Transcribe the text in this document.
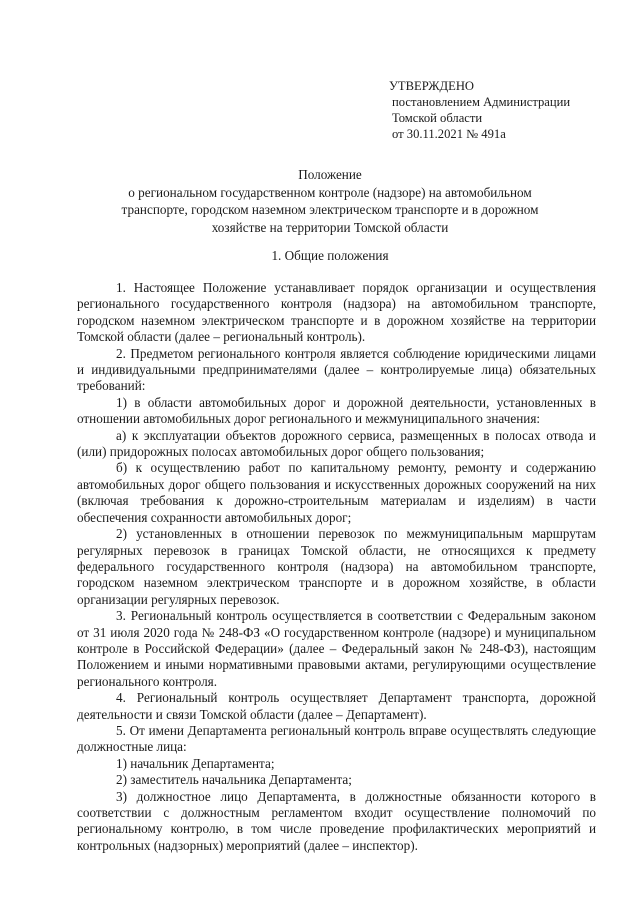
УТВЕРЖДЕНО
постановлением Администрации
Томской области
от 30.11.2021 № 491а
Положение
о региональном государственном контроле (надзоре) на автомобильном
транспорте, городском наземном электрическом транспорте и в дорожном
хозяйстве на территории Томской области
1. Общие положения

1. Настоящее Положение устанавливает порядок организации и осуществления регионального государственного контроля (надзора) на автомобильном транспорте, городском наземном электрическом транспорте и в дорожном хозяйстве на территории Томской области (далее – региональный контроль).

2. Предметом регионального контроля является соблюдение юридическими лицами и индивидуальными предпринимателями (далее – контролируемые лица) обязательных требований:

1) в области автомобильных дорог и дорожной деятельности, установленных в отношении автомобильных дорог регионального и межмуниципального значения:

а) к эксплуатации объектов дорожного сервиса, размещенных в полосах отвода и (или) придорожных полосах автомобильных дорог общего пользования;

б) к осуществлению работ по капитальному ремонту, ремонту и содержанию автомобильных дорог общего пользования и искусственных дорожных сооружений на них (включая требования к дорожно-строительным материалам и изделиям) в части обеспечения сохранности автомобильных дорог;

2) установленных в отношении перевозок по межмуниципальным маршрутам регулярных перевозок в границах Томской области, не относящихся к предмету федерального государственного контроля (надзора) на автомобильном транспорте, городском наземном электрическом транспорте и в дорожном хозяйстве, в области организации регулярных перевозок.

3. Региональный контроль осуществляется в соответствии с Федеральным законом от 31 июля 2020 года № 248-ФЗ «О государственном контроле (надзоре) и муниципальном контроле в Российской Федерации» (далее – Федеральный закон № 248-ФЗ), настоящим Положением и иными нормативными правовыми актами, регулирующими осуществление регионального контроля.

4. Региональный контроль осуществляет Департамент транспорта, дорожной деятельности и связи Томской области (далее – Департамент).

5. От имени Департамента региональный контроль вправе осуществлять следующие должностные лица:

1) начальник Департамента;

2) заместитель начальника Департамента;

3) должностное лицо Департамента, в должностные обязанности которого в соответствии с должностным регламентом входит осуществление полномочий по региональному контролю, в том числе проведение профилактических мероприятий и контрольных (надзорных) мероприятий (далее – инспектор).
